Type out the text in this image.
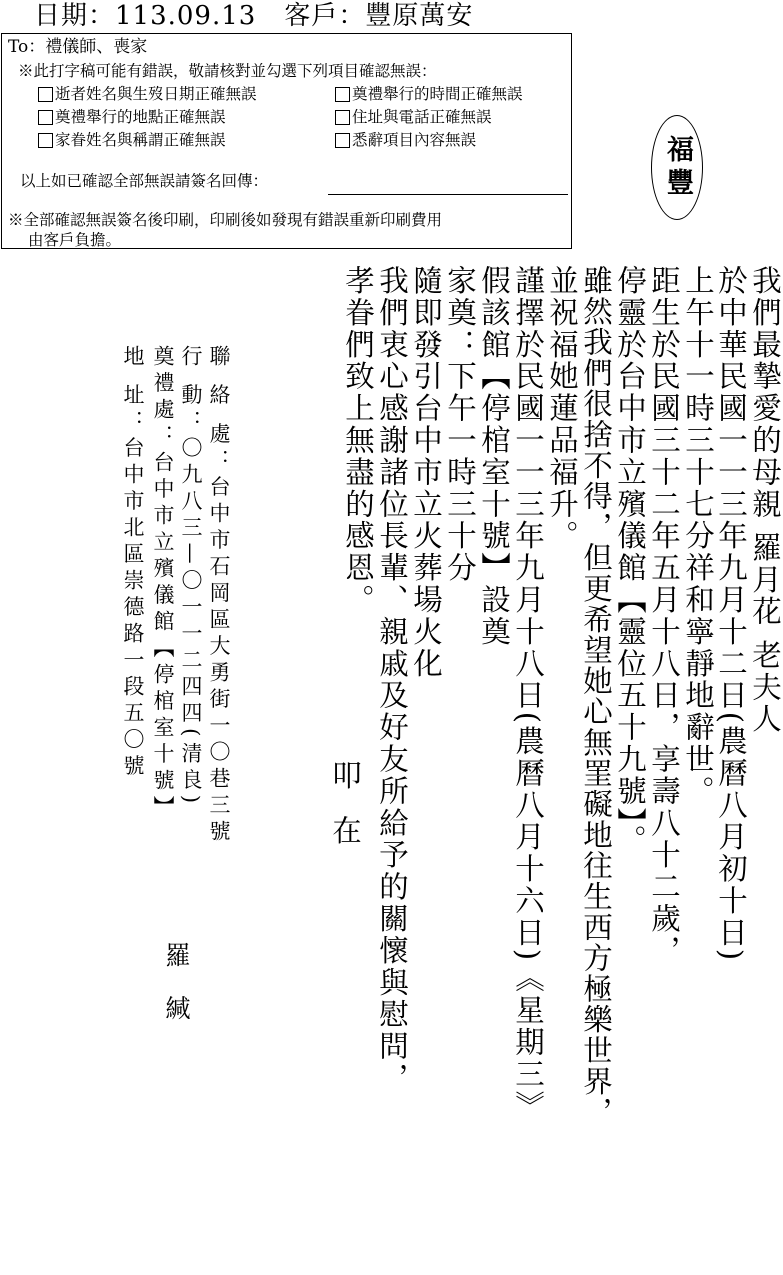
日期：113.09.13 客戶：豐原萬安
To：禮儀師、喪家
※此打字稿可能有錯誤，敬請核對並勾選下列項目確認無誤：
逝者姓名與生歿日期正確無誤	奠禮舉行的時間正確無誤
奠禮舉行的地點正確無誤	住址與電話正確無誤
家眷姓名與稱謂正確無誤	悉辭項目內容無誤
以上如已確認全部無誤請簽名回傳：
※全部確認無誤簽名後印刷，印刷後如發現有錯誤重新印刷費用
由客戶負擔。
福豐
我們最摯愛的母親 羅月花 老夫人
於中華民國一一三年九月十二日(農曆八月初十日)
上午十一時三十七分祥和寧靜地辭世。
距生於民國三十二年五月十八日，享壽八十二歲，
停靈於台中市立殯儀館【靈位五十九號】。
雖然我們很捨不得，但更希望她心無罣礙地往生西方極樂世界，
並祝福她蓮品福升。
謹擇於民國一一三年九月十八日(農曆八月十六日)《星期三》
假該館【停棺室十號】設奠
家奠：下午一時三十分
隨即發引台中市立火葬場火化
我們衷心感謝諸位長輩、親戚及好友所給予的關懷與慰問，
孝眷們致上無盡的感恩。
叩 在
聯 絡 處：台中市石岡區大勇街一〇巷三號
行 動：〇九八三—〇一一二四四(清良)
奠禮處：台中市立殯儀館【停棺室十號】
地 址：台中市北區崇德路一段五〇號
羅 緘
